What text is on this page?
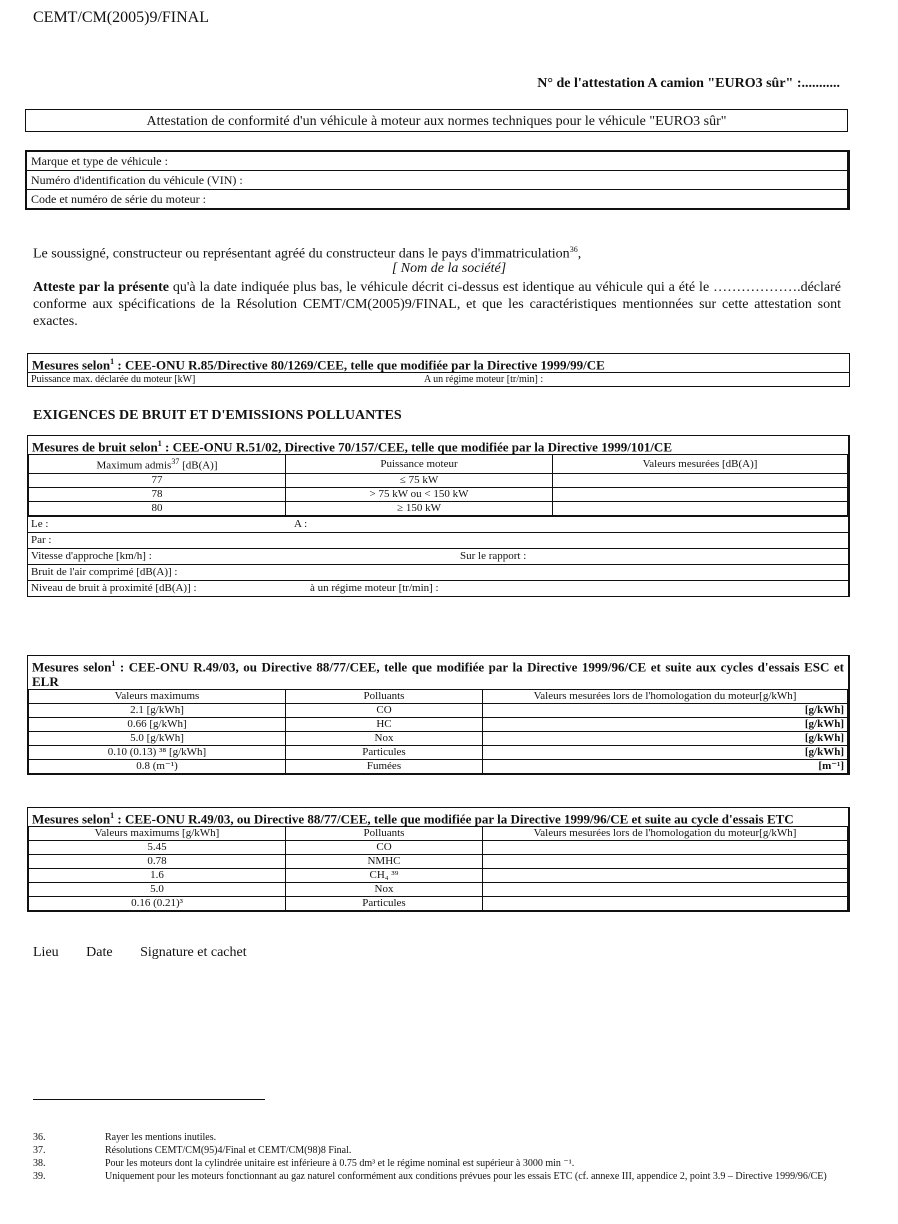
CEMT/CM(2005)9/FINAL
N° de l'attestation A camion "EURO3 sûr" :...........
Attestation de conformité d'un véhicule à moteur aux normes techniques pour le véhicule "EURO3 sûr"
Marque et type de véhicule :
Numéro d'identification du véhicule (VIN) :
Code et numéro de série du moteur :
Le soussigné, constructeur ou représentant agréé du constructeur dans le pays d'immatriculation$^{36}$,
[ Nom de la société]
Atteste par la présente qu'à la date indiquée plus bas, le véhicule décrit ci-dessus est identique au véhicule qui a été le ……………….déclaré conforme aux spécifications de la Résolution CEMT/CM(2005)9/FINAL, et que les caractéristiques mentionnées sur cette attestation sont exactes.
Mesures selon$^1$ : CEE-ONU R.85/Directive 80/1269/CEE, telle que modifiée par la Directive 1999/99/CE
Puissance max. déclarée du moteur [kW]	A un régime moteur [tr/min] :
EXIGENCES DE BRUIT ET D'EMISSIONS POLLUANTES
Mesures de bruit selon$^1$ : CEE-ONU R.51/02, Directive 70/157/CEE, telle que modifiée par la Directive 1999/101/CE
Maximum admis$^{37}$ [dB(A)]	Puissance moteur	Valeurs mesurées [dB(A)]
77	≤ 75 kW	
78	> 75 kW ou < 150 kW	
80	≥ 150 kW	
Le :	A :
Par :
Vitesse d'approche [km/h] :	Sur le rapport :
Bruit de l'air comprimé [dB(A)] :
Niveau de bruit à proximité [dB(A)] :	à un régime moteur [tr/min] :
Mesures selon$^1$ : CEE-ONU R.49/03, ou Directive 88/77/CEE, telle que modifiée par la Directive 1999/96/CE et suite aux cycles d'essais ESC et ELR
Valeurs maximums	Polluants	Valeurs mesurées lors de l'homologation du moteur[g/kWh]
2.1 [g/kWh]	CO	[g/kWh]
0.66 [g/kWh]	HC	[g/kWh]
5.0 [g/kWh]	Nox	[g/kWh]
0.10 (0.13) ³⁸ [g/kWh]	Particules	[g/kWh]
0.8 (m⁻¹)	Fumées	[m⁻¹]
Mesures selon$^1$ : CEE-ONU R.49/03, ou Directive 88/77/CEE, telle que modifiée par la Directive 1999/96/CE et suite au cycle d'essais ETC
Valeurs maximums [g/kWh]	Polluants	Valeurs mesurées lors de l'homologation du moteur[g/kWh]
5.45	CO	
0.78	NMHC	
1.6	CH₄ ³⁹	
5.0	Nox	
0.16 (0.21)³	Particules	
Lieu Date Signature et cachet
36.	Rayer les mentions inutiles.
37.	Résolutions CEMT/CM(95)4/Final et CEMT/CM(98)8 Final.
38.	Pour les moteurs dont la cylindrée unitaire est inférieure à 0.75 dm³ et le régime nominal est supérieur à 3000 min ⁻¹.
39.	Uniquement pour les moteurs fonctionnant au gaz naturel conformément aux conditions prévues pour les essais ETC (cf. annexe III, appendice 2, point 3.9 – Directive 1999/96/CE)
